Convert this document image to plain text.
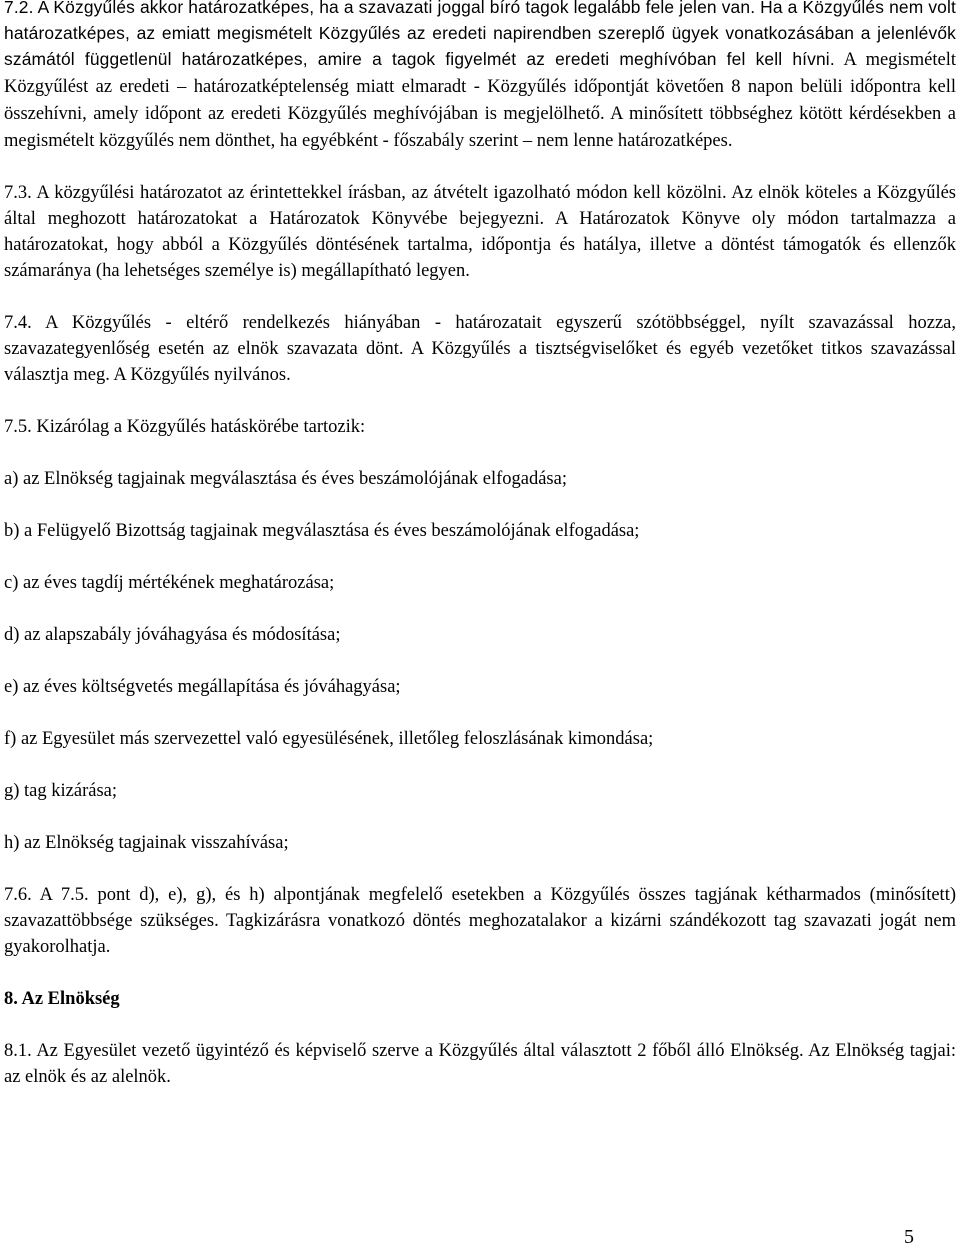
7.2. A Közgyűlés akkor határozatképes, ha a szavazati joggal bíró tagok legalább fele jelen van. Ha a Közgyűlés nem volt határozatképes, az emiatt megismételt Közgyűlés az eredeti napirendben szereplő ügyek vonatkozásában a jelenlévők számától függetlenül határozatképes, amire a tagok figyelmét az eredeti meghívóban fel kell hívni. A megismételt Közgyűlést az eredeti – határozatképtelenség miatt elmaradt - Közgyűlés időpontját követően 8 napon belüli időpontra kell összehívni, amely időpont az eredeti Közgyűlés meghívójában is megjelölhető. A minősített többséghez kötött kérdésekben a megismételt közgyűlés nem dönthet, ha egyébként - főszabály szerint – nem lenne határozatképes.

7.3. A közgyűlési határozatot az érintettekkel írásban, az átvételt igazolható módon kell közölni. Az elnök köteles a Közgyűlés által meghozott határozatokat a Határozatok Könyvébe bejegyezni. A Határozatok Könyve oly módon tartalmazza a határozatokat, hogy abból a Közgyűlés döntésének tartalma, időpontja és hatálya, illetve a döntést támogatók és ellenzők számaránya (ha lehetséges személye is) megállapítható legyen.

7.4. A Közgyűlés - eltérő rendelkezés hiányában - határozatait egyszerű szótöbbséggel, nyílt szavazással hozza, szavazategyenlőség esetén az elnök szavazata dönt. A Közgyűlés a tisztségviselőket és egyéb vezetőket titkos szavazással választja meg. A Közgyűlés nyilvános.

7.5. Kizárólag a Közgyűlés hatáskörébe tartozik:

a) az Elnökség tagjainak megválasztása és éves beszámolójának elfogadása;

b) a Felügyelő Bizottság tagjainak megválasztása és éves beszámolójának elfogadása;

c) az éves tagdíj mértékének meghatározása;

d) az alapszabály jóváhagyása és módosítása;

e) az éves költségvetés megállapítása és jóváhagyása;

f) az Egyesület más szervezettel való egyesülésének, illetőleg feloszlásának kimondása;

g) tag kizárása;

h) az Elnökség tagjainak visszahívása;

7.6. A 7.5. pont d), e), g), és h) alpontjának megfelelő esetekben a Közgyűlés összes tagjának kétharmados (minősített) szavazattöbbsége szükséges. Tagkizárásra vonatkozó döntés meghozatalakor a kizárni szándékozott tag szavazati jogát nem gyakorolhatja.

8. Az Elnökség

8.1. Az Egyesület vezető ügyintéző és képviselő szerve a Közgyűlés által választott 2 főből álló Elnökség. Az Elnökség tagjai: az elnök és az alelnök.

5
